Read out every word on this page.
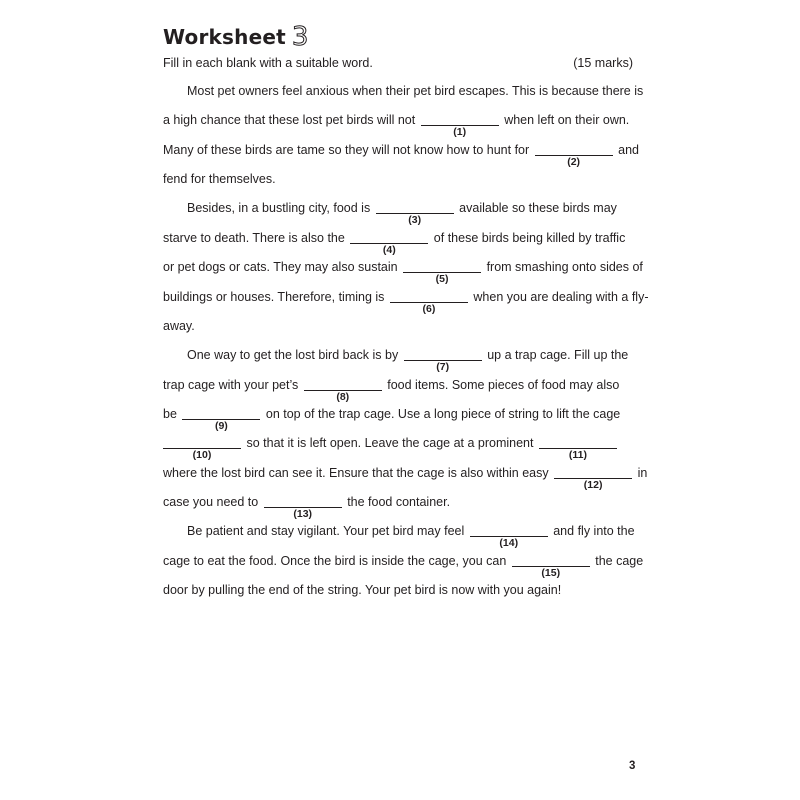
Worksheet 3
Fill in each blank with a suitable word.	(15 marks)
Most pet owners feel anxious when their pet bird escapes. This is because there is
a high chance that these lost pet birds will not
(1)
when left on their own.
Many of these birds are tame so they will not know how to hunt for
(2)
and
fend for themselves.
Besides, in a bustling city, food is
(3)
available so these birds may
starve to death. There is also the
(4)
of these birds being killed by traffic
or pet dogs or cats. They may also sustain
(5)
from smashing onto sides of
buildings or houses. Therefore, timing is
(6)
when you are dealing with a fly-
away.
One way to get the lost bird back is by
(7)
up a trap cage. Fill up the
trap cage with your pet’s
(8)
food items. Some pieces of food may also
be
(9)
on top of the trap cage. Use a long piece of string to lift the cage
(10)
so that it is left open. Leave the cage at a prominent
(11)
where the lost bird can see it. Ensure that the cage is also within easy
(12)
in
case you need to
(13)
the food container.
Be patient and stay vigilant. Your pet bird may feel
(14)
and fly into the
cage to eat the food. Once the bird is inside the cage, you can
(15)
the cage
door by pulling the end of the string. Your pet bird is now with you again!
3
